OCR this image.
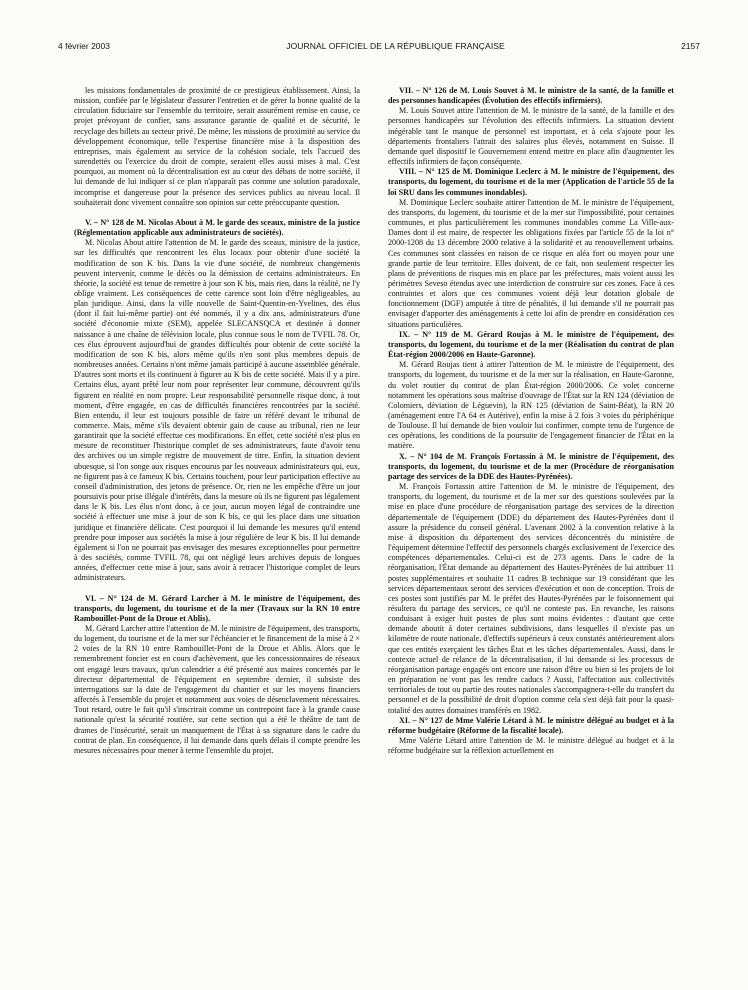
4 février 2003	JOURNAL OFFICIEL DE LA RÉPUBLIQUE FRANÇAISE	2157

les missions fondamentales de proximité de ce prestigieux établissement. Ainsi, la mission, confiée par le législateur d'assurer l'entretien et de gérer la bonne qualité de la circulation fiduciaire sur l'ensemble du territoire, serait assurément remise en cause, ce projet prévoyant de confier, sans assurance garantie de qualité et de sécurité, le recyclage des billets au secteur privé. De même, les missions de proximité au service du développement économique, telle l'expertise financière mise à la disposition des entreprises, mais également au service de la cohésion sociale, tels l'accueil des surendettés ou l'exercice du droit de compte, seraient elles aussi mises à mal. C'est pourquoi, au moment où la décentralisation est au cœur des débats de notre société, il lui demande de lui indiquer si ce plan n'apparaît pas comme une solution paradoxale, incomprise et dangereuse pour la présence des services publics au niveau local. Il souhaiterait donc vivement connaître son opinion sur cette préoccupante question.

V. – N° 128 de M. Nicolas About à M. le garde des sceaux, ministre de la justice (Réglementation applicable aux administrateurs de sociétés).

M. Nicolas About attire l'attention de M. le garde des sceaux, ministre de la justice, sur les difficultés que rencontrent les élus locaux pour obtenir d'une société la modification de son K bis. Dans la vie d'une société, de nombreux changements peuvent intervenir, comme le décès ou la démission de certains administrateurs. En théorie, la société est tenue de remettre à jour son K bis, mais rien, dans la réalité, ne l'y oblige vraiment. Les conséquences de cette carence sont loin d'être négligeables, au plan juridique. Ainsi, dans la ville nouvelle de Saint-Quentin-en-Yvelines, des élus (dont il fait lui-même partie) ont été nommés, il y a dix ans, administrateurs d'une société d'économie mixte (SEM), appelée SLECANSQCA et destinée à donner naissance à une chaîne de télévision locale, plus connue sous le nom de TVFIL 78. Or, ces élus éprouvent aujourd'hui de grandes difficultés pour obtenir de cette société la modification de son K bis, alors même qu'ils n'en sont plus membres depuis de nombreuses années. Certains n'ont même jamais participé à aucune assemblée générale. D'autres sont morts et ils continuent à figurer au K bis de cette société. Mais il y a pire. Certains élus, ayant prêté leur nom pour représenter leur commune, découvrent qu'ils figurent en réalité en nom propre. Leur responsabilité personnelle risque donc, à tout moment, d'être engagée, en cas de difficultés financières rencontrées par la société. Bien entendu, il leur est toujours possible de faire un référé devant le tribunal de commerce. Mais, même s'ils devaient obtenir gain de cause au tribunal, rien ne leur garantirait que la société effectue ces modifications. En effet, cette société n'est plus en mesure de reconstituer l'historique complet de ses administrateurs, faute d'avoir tenu des archives ou un simple registre de mouvement de titre. Enfin, la situation devient ubuesque, si l'on songe aux risques encourus par les nouveaux administrateurs qui, eux, ne figurent pas à ce fameux K bis. Certains touchent, pour leur participation effective au conseil d'administration, des jetons de présence. Or, rien ne les empêche d'être un jour poursuivis pour prise illégale d'intérêts, dans la mesure où ils ne figurent pas légalement dans le K bis. Les élus n'ont donc, à ce jour, aucun moyen légal de contraindre une société à effectuer une mise à jour de son K bis, ce qui les place dans une situation juridique et financière délicate. C'est pourquoi il lui demande les mesures qu'il entend prendre pour imposer aux sociétés la mise à jour régulière de leur K bis. Il lui demande également si l'on ne pourrait pas envisager des mesures exceptionnelles pour permettre à des sociétés, comme TVFIL 78, qui ont négligé leurs archives depuis de longues années, d'effectuer cette mise à jour, sans avoir à retracer l'historique complet de leurs administrateurs.

VI. – N° 124 de M. Gérard Larcher à M. le ministre de l'équipement, des transports, du logement, du tourisme et de la mer (Travaux sur la RN 10 entre Rambouillet-Pont de la Droue et Ablis).

M. Gérard Larcher attire l'attention de M. le ministre de l'équipement, des transports, du logement, du tourisme et de la mer sur l'échéancier et le financement de la mise à 2 × 2 voies de la RN 10 entre Rambouillet-Pont de la Droue et Ablis. Alors que le remembrement foncier est en cours d'achèvement, que les concessionnaires de réseaux ont engagé leurs travaux, qu'un calendrier a été présenté aux maires concernés par le directeur départemental de l'équipement en septembre dernier, il subsiste des interrogations sur la date de l'engagement du chantier et sur les moyens financiers affectés à l'ensemble du projet et notamment aux voies de désenclavement nécessaires. Tout retard, outre le fait qu'il s'inscrirait comme un contrepoint face à la grande cause nationale qu'est la sécurité routière, sur cette section qui a été le théâtre de tant de drames de l'insécurité, serait un manquement de l'État à sa signature dans le cadre du contrat de plan. En conséquence, il lui demande dans quels délais il compte prendre les mesures nécessaires pour mener à terme l'ensemble du projet.

VII. – N° 126 de M. Louis Souvet à M. le ministre de la santé, de la famille et des personnes handicapées (Évolution des effectifs infirmiers).

M. Louis Souvet attire l'attention de M. le ministre de la santé, de la famille et des personnes handicapées sur l'évolution des effectifs infirmiers. La situation devient inégérable tant le manque de personnel est important, et à cela s'ajoute pour les départements frontaliers l'attrait des salaires plus élevés, notamment en Suisse. Il demande quel dispositif le Gouvernement entend mettre en place afin d'augmenter les effectifs infirmiers de façon conséquente.

VIII. – N° 125 de M. Dominique Leclerc à M. le ministre de l'équipement, des transports, du logement, du tourisme et de la mer (Application de l'article 55 de la loi SRU dans les communes inondables).

M. Dominique Leclerc souhaite attirer l'attention de M. le ministre de l'équipement, des transports, du logement, du tourisme et de la mer sur l'impossibilité, pour certaines communes, et plus particulièrement les communes inondables comme La Ville-aux-Dames dont il est maire, de respecter les obligations fixées par l'article 55 de la loi n° 2000-1208 du 13 décembre 2000 relative à la solidarité et au renouvellement urbains. Ces communes sont classées en raison de ce risque en aléa fort ou moyen pour une grande partie de leur territoire. Elles doivent, de ce fait, non seulement respecter les plans de préventions de risques mis en place par les préfectures, mais voient aussi les périmètres Seveso étendus avec une interdiction de construire sur ces zones. Face à ces contraintes et alors que ces communes voient déjà leur dotation globale de fonctionnement (DGF) amputée à titre de pénalités, il lui demande s'il ne pourrait pas envisager d'apporter des aménagements à cette loi afin de prendre en considération ces situations particulières.

IX. – N° 119 de M. Gérard Roujas à M. le ministre de l'équipement, des transports, du logement, du tourisme et de la mer (Réalisation du contrat de plan État-région 2000/2006 en Haute-Garonne).

M. Gérard Roujas tient à attirer l'attention de M. le ministre de l'équipement, des transports, du logement, du tourisme et de la mer sur la réalisation, en Haute-Garonne, du volet routier du contrat de plan État-région 2000/2006. Ce volet concerne notamment les opérations sous maîtrise d'ouvrage de l'État sur la RN 124 (déviation de Colomiers, déviation de Léguevin), la RN 125 (déviation de Saint-Béat), la RN 20 (aménagement entre l'A 64 et Autérive), enfin la mise à 2 fois 3 voies du périphérique de Toulouse. Il lui demande de bien vouloir lui confirmer, compte tenu de l'urgence de ces opérations, les conditions de la poursuite de l'engagement financier de l'État en la matière.

X. – N° 104 de M. François Fortassin à M. le ministre de l'équipement, des transports, du logement, du tourisme et de la mer (Procédure de réorganisation partage des services de la DDE des Hautes-Pyrénées).

M. François Fortassin attire l'attention de M. le ministre de l'équipement, des transports, du logement, du tourisme et de la mer sur des questions soulevées par la mise en place d'une procédure de réorganisation partage des services de la direction départementale de l'équipement (DDE) du département des Hautes-Pyrénées dont il assure la présidence du conseil général. L'avenant 2002 à la convention relative à la mise à disposition du département des services déconcentrés du ministère de l'équipement détermine l'effectif des personnels chargés exclusivement de l'exercice des compétences départementales. Celui-ci est de 273 agents. Dans le cadre de la réorganisation, l'État demande au département des Hautes-Pyrénées de lui attribuer 11 postes supplémentaires et souhaite 11 cadres B technique sur 19 considérant que les services départementaux seront des services d'exécution et non de conception. Trois de ces postes sont justifiés par M. le préfet des Hautes-Pyrénées par le foisonnement qui résultera du partage des services, ce qu'il ne conteste pas. En revanche, les raisons conduisant à exiger huit postes de plus sont moins évidentes : d'autant que cette demande aboutit à doter certaines subdivisions, dans lesquelles il n'existe pas un kilomètre de route nationale, d'effectifs supérieurs à ceux constatés antérieurement alors que ces entités exerçaient les tâches État et les tâches départementales. Aussi, dans le contexte actuel de relance de la décentralisation, il lui demande si les processus de réorganisation partage engagés ont encore une raison d'être ou bien si les projets de loi en préparation ne vont pas les rendre caducs ? Aussi, l'affectation aux collectivités territoriales de tout ou partie des routes nationales s'accompagnera-t-elle du transfert du personnel et de la possibilité de droit d'option comme cela s'est déjà fait pour la quasi-totalité des autres domaines transférés en 1982.

XI. – N° 127 de Mme Valérie Létard à M. le ministre délégué au budget et à la réforme budgétaire (Réforme de la fiscalité locale).

Mme Valérie Létard attire l'attention de M. le ministre délégué au budget et à la réforme budgétaire sur la réflexion actuellement en
